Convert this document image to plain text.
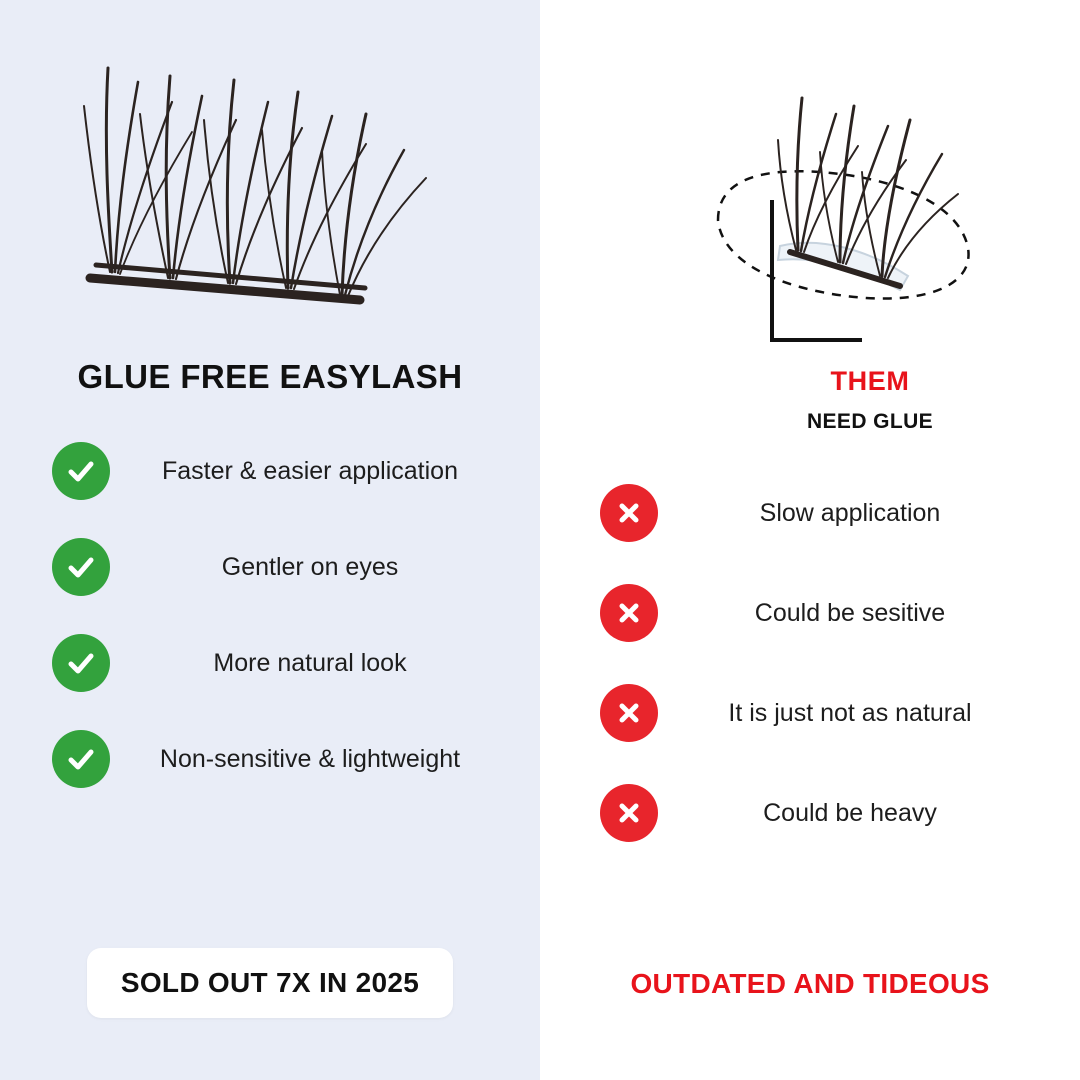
GLUE FREE EASYLASH
Faster & easier application
Gentler on eyes
More natural look
Non-sensitive & lightweight
SOLD OUT 7X IN 2025
THEM
NEED GLUE
Slow application
Could be sesitive
It is just not as natural
Could be heavy
OUTDATED AND TIDEOUS
